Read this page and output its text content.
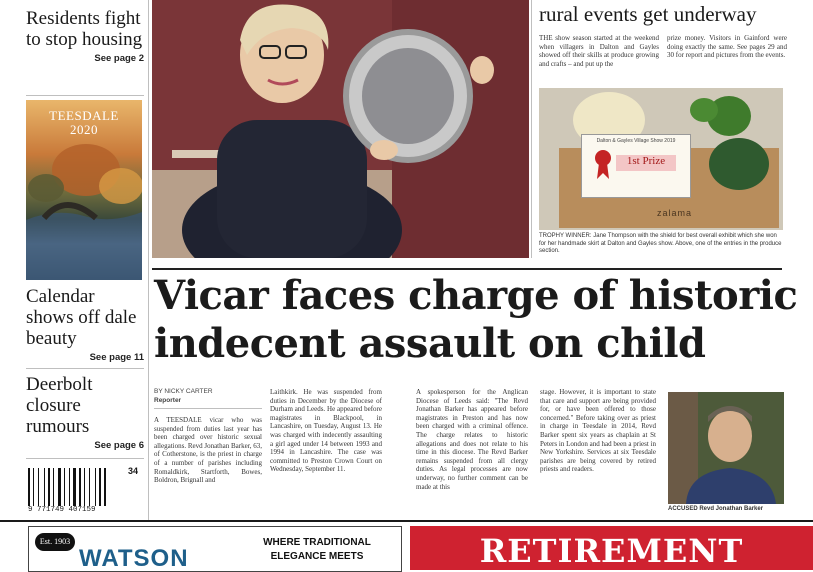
Residents fight to stop housing
See page 2
TEESDALE
2020
Calendar shows off dale beauty
See page 11
Deerbolt closure rumours
See page 6
34
9 771749 407159
rural events get underway
THE show season started at the weekend when villagers in Dalton and Gayles showed off their skills at produce growing and crafts – and put up the
prize money. Visitors in Gainford were doing exactly the same. See pages 29 and 30 for report and pictures from the events.
Dalton & Gayles Village Show 2019
1st Prize
zalama
TROPHY WINNER: Jane Thompson with the shield for best overall exhibit which she won for her handmade skirt at Dalton and Gayles show. Above, one of the entries in the produce section.
Vicar faces charge of historic
indecent assault on child
BY NICKY CARTER
Reporter
A TEESDALE vicar who was suspended from duties last year has been charged over historic sexual allegations. Revd Jonathan Barker, 63, of Cotherstone, is the priest in charge of a number of parishes including Romaldkirk, Startforth, Bowes, Boldron, Brignall and
Laithkirk. He was suspended from duties in December by the Diocese of Durham and Leeds. He appeared before magistrates in Blackpool, in Lancashire, on Tuesday, August 13. He was charged with indecently assaulting a girl aged under 14 between 1993 and 1994 in Lancashire. The case was committed to Preston Crown Court on Wednesday, September 11.
A spokesperson for the Anglican Diocese of Leeds said: "The Revd Jonathan Barker has appeared before magistrates in Preston and has now been charged with a criminal offence. The charge relates to historic allegations and does not relate to his time in this diocese. The Revd Barker remains suspended from all clergy duties. As legal processes are now underway, no further comment can be made at this
stage. However, it is important to state that care and support are being provided for, or have been offered to those concerned." Before taking over as priest in charge in Teesdale in 2014, Revd Barker spent six years as chaplain at St Peters in London and had been a priest in New Yorkshire. Services at six Teesdale parishes are being covered by retired priests and readers.
ACCUSED Revd Jonathan Barker
Est. 1903
WATSON
WHERE TRADITIONAL
ELEGANCE MEETS	RETIREMENT
